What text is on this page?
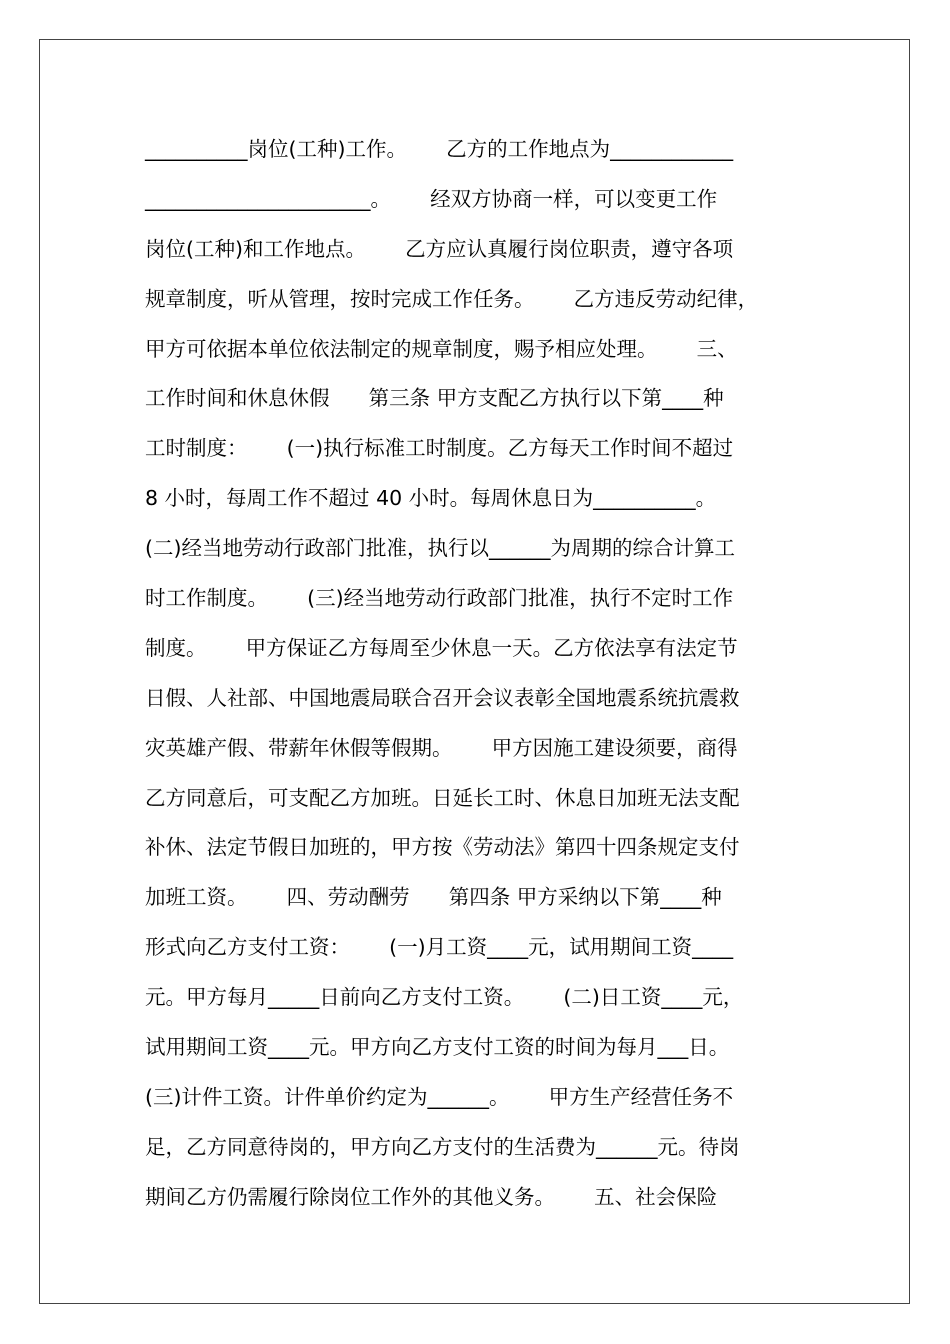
__________岗位(工种)工作。      乙方的工作地点为____________
______________________。      经双方协商一样，可以变更工作
岗位(工种)和工作地点。      乙方应认真履行岗位职责，遵守各项
规章制度，听从管理，按时完成工作任务。      乙方违反劳动纪律，
甲方可依据本单位依法制定的规章制度，赐予相应处理。      三、
工作时间和休息休假      第三条 甲方支配乙方执行以下第____种
工时制度：      (一)执行标准工时制度。乙方每天工作时间不超过
8 小时，每周工作不超过 40 小时。每周休息日为__________。
(二)经当地劳动行政部门批准，执行以______为周期的综合计算工
时工作制度。      (三)经当地劳动行政部门批准，执行不定时工作
制度。      甲方保证乙方每周至少休息一天。乙方依法享有法定节
日假、人社部、中国地震局联合召开会议表彰全国地震系统抗震救
灾英雄产假、带薪年休假等假期。      甲方因施工建设须要，商得
乙方同意后，可支配乙方加班。日延长工时、休息日加班无法支配
补休、法定节假日加班的，甲方按《劳动法》第四十四条规定支付
加班工资。      四、劳动酬劳      第四条 甲方采纳以下第____种
形式向乙方支付工资：      (一)月工资____元，试用期间工资____
元。甲方每月_____日前向乙方支付工资。      (二)日工资____元，
试用期间工资____元。甲方向乙方支付工资的时间为每月___日。
(三)计件工资。计件单价约定为______。      甲方生产经营任务不
足，乙方同意待岗的，甲方向乙方支付的生活费为______元。待岗
期间乙方仍需履行除岗位工作外的其他义务。      五、社会保险
